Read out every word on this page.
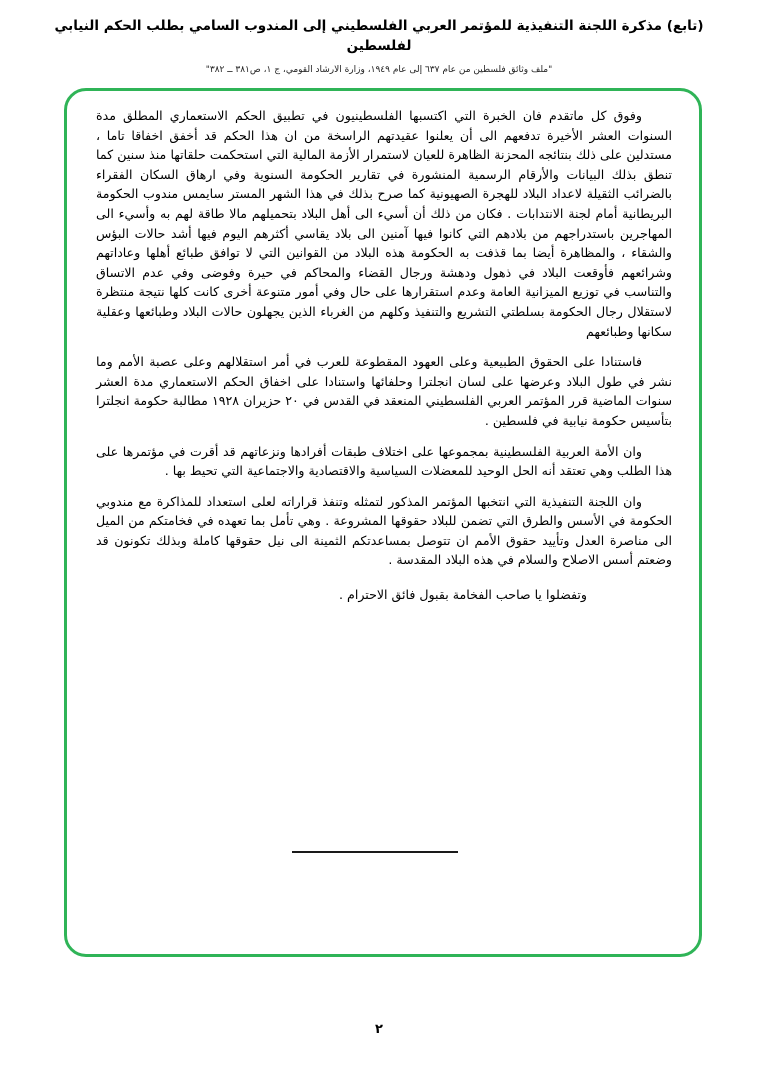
(تابع) مذكرة اللجنة التنفيذية للمؤتمر العربي الفلسطيني إلى المندوب السامي بطلب الحكم النيابي لفلسطين
"ملف وثائق فلسطين من عام ٦٣٧ إلى عام ١٩٤٩، وزارة الارشاد القومي، ج ١، ص٣٨١ ــ ٣٨٢"

وفوق كل ماتقدم فان الخبرة التي اكتسبها الفلسطينيون في تطبيق الحكم الاستعماري المطلق مدة السنوات العشر الأخيرة تدفعهم الى أن يعلنوا عقيدتهم الراسخة من ان هذا الحكم قد أخفق اخفاقا تاما ، مستدلين على ذلك بنتائجه المحزنة الظاهرة للعيان لاستمرار الأزمة المالية التي استحكمت حلقاتها منذ سنين كما تنطق بذلك البيانات والأرقام الرسمية المنشورة في تقارير الحكومة السنوية وفي ارهاق السكان الفقراء بالضرائب الثقيلة لاعداد البلاد للهجرة الصهيونية كما صرح بذلك في هذا الشهر المستر سايمس مندوب الحكومة البريطانية أمام لجنة الانتدابات . فكان من ذلك أن أسيء الى أهل البلاد بتحميلهم مالا طاقة لهم به وأسيء الى المهاجرين باستدراجهم من بلادهم التي كانوا فيها آمنين الى بلاد يقاسي أكثرهم اليوم فيها أشد حالات البؤس والشقاء ، والمظاهرة أيضا بما قذفت به الحكومة هذه البلاد من القوانين التي لا توافق طبائع أهلها وعاداتهم وشرائعهم فأوقعت البلاد في ذهول ودهشة ورجال القضاء والمحاكم في حيرة وفوضى وفي عدم الاتساق والتناسب في توزيع الميزانية العامة وعدم استقرارها على حال وفي أمور متنوعة أخرى كانت كلها نتيجة منتظرة لاستقلال رجال الحكومة بسلطتي التشريع والتنفيذ وكلهم من الغرباء الذين يجهلون حالات البلاد وطبائعها وعقلية سكانها وطبائعهم

فاستنادا على الحقوق الطبيعية وعلى العهود المقطوعة للعرب في أمر استقلالهم وعلى عصبة الأمم وما نشر في طول البلاد وعرضها على لسان انجلترا وحلفائها واستنادا على اخفاق الحكم الاستعماري مدة العشر سنوات الماضية قرر المؤتمر العربي الفلسطيني المنعقد في القدس في ٢٠ حزيران ١٩٢٨ مطالبة حكومة انجلترا بتأسيس حكومة نيابية في فلسطين .

وان الأمة العربية الفلسطينية بمجموعها على اختلاف طبقات أفرادها ونزعاتهم قد أقرت في مؤتمرها على هذا الطلب وهي تعتقد أنه الحل الوحيد للمعضلات السياسية والاقتصادية والاجتماعية التي تحيط بها .

وان اللجنة التنفيذية التي انتخبها المؤتمر المذكور لتمثله وتنفذ قراراته لعلى استعداد للمذاكرة مع مندوبي الحكومة في الأسس والطرق التي تضمن للبلاد حقوقها المشروعة . وهي تأمل بما تعهده في فخامتكم من الميل الى مناصرة العدل وتأييد حقوق الأمم ان تتوصل بمساعدتكم الثمينة الى نيل حقوقها كاملة وبذلك تكونون قد وضعتم أسس الاصلاح والسلام في هذه البلاد المقدسة .

وتفضلوا يا صاحب الفخامة بقبول فائق الاحترام .

٢
